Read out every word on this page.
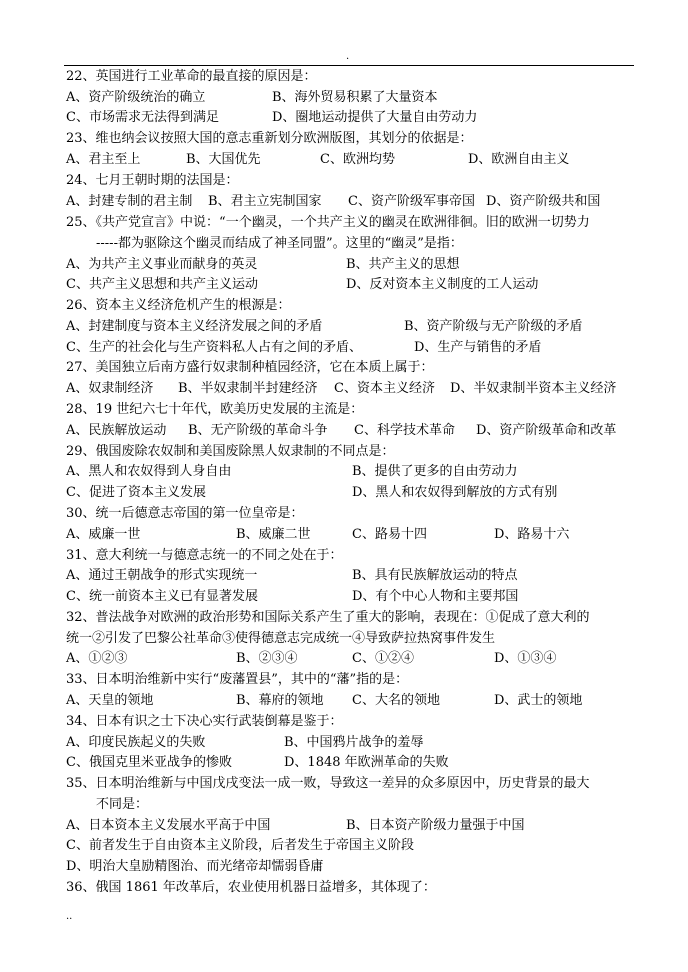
.
22、英国进行工业革命的最直接的原因是：
A、资产阶级统治的确立	B、海外贸易积累了大量资本
C、市场需求无法得到满足	D、圈地运动提供了大量自由劳动力
23、维也纳会议按照大国的意志重新划分欧洲版图，其划分的依据是：
A、君主至上	B、大国优先	C、欧洲均势	D、欧洲自由主义
24、七月王朝时期的法国是：
A、封建专制的君主制 B、君主立宪制国家 C、资产阶级军事帝国 D、资产阶级共和国
25、《共产党宣言》中说：“一个幽灵，一个共产主义的幽灵在欧洲徘徊。旧的欧洲一切势力
-----都为驱除这个幽灵而结成了神圣同盟”。这里的“幽灵”是指：
A、为共产主义事业而献身的英灵	B、共产主义的思想
C、共产主义思想和共产主义运动	D、反对资本主义制度的工人运动
26、资本主义经济危机产生的根源是：
A、封建制度与资本主义经济发展之间的矛盾	B、资产阶级与无产阶级的矛盾
C、生产的社会化与生产资料私人占有之间的矛盾、	D、生产与销售的矛盾
27、美国独立后南方盛行奴隶制种植园经济，它在本质上属于：
A、奴隶制经济 B、半奴隶制半封建经济 C、资本主义经济 D、半奴隶制半资本主义经济
28、19 世纪六七十年代，欧美历史发展的主流是：
A、民族解放运动 B、无产阶级的革命斗争 C、科学技术革命 D、资产阶级革命和改革
29、俄国废除农奴制和美国废除黑人奴隶制的不同点是：
A、黑人和农奴得到人身自由	B、提供了更多的自由劳动力
C、促进了资本主义发展	D、黑人和农奴得到解放的方式有别
30、统一后德意志帝国的第一位皇帝是：
A、威廉一世	B、威廉二世	C、路易十四	D、路易十六
31、意大利统一与德意志统一的不同之处在于：
A、通过王朝战争的形式实现统一	B、具有民族解放运动的特点
C、统一前资本主义已有显著发展	D、有个中心人物和主要邦国
32、普法战争对欧洲的政治形势和国际关系产生了重大的影响，表现在：①促成了意大利的
统一②引发了巴黎公社革命③使得德意志完成统一④导致萨拉热窝事件发生
A、①②③	B、②③④	C、①②④	D、①③④
33、日本明治维新中实行“废藩置县”，其中的“藩”指的是：
A、天皇的领地	B、幕府的领地 C、大名的领地	D、武士的领地
34、日本有识之士下决心实行武装倒幕是鉴于：
A、印度民族起义的失败	B、中国鸦片战争的羞辱
C、俄国克里米亚战争的惨败	D、1848 年欧洲革命的失败
35、日本明治维新与中国戊戌变法一成一败，导致这一差异的众多原因中，历史背景的最大
不同是：
A、日本资本主义发展水平高于中国	B、日本资产阶级力量强于中国
C、前者发生于自由资本主义阶段，后者发生于帝国主义阶段
D、明治大皇励精图治、而光绪帝却懦弱昏庸
36、俄国 1861 年改革后，农业使用机器日益增多，其体现了：
..
